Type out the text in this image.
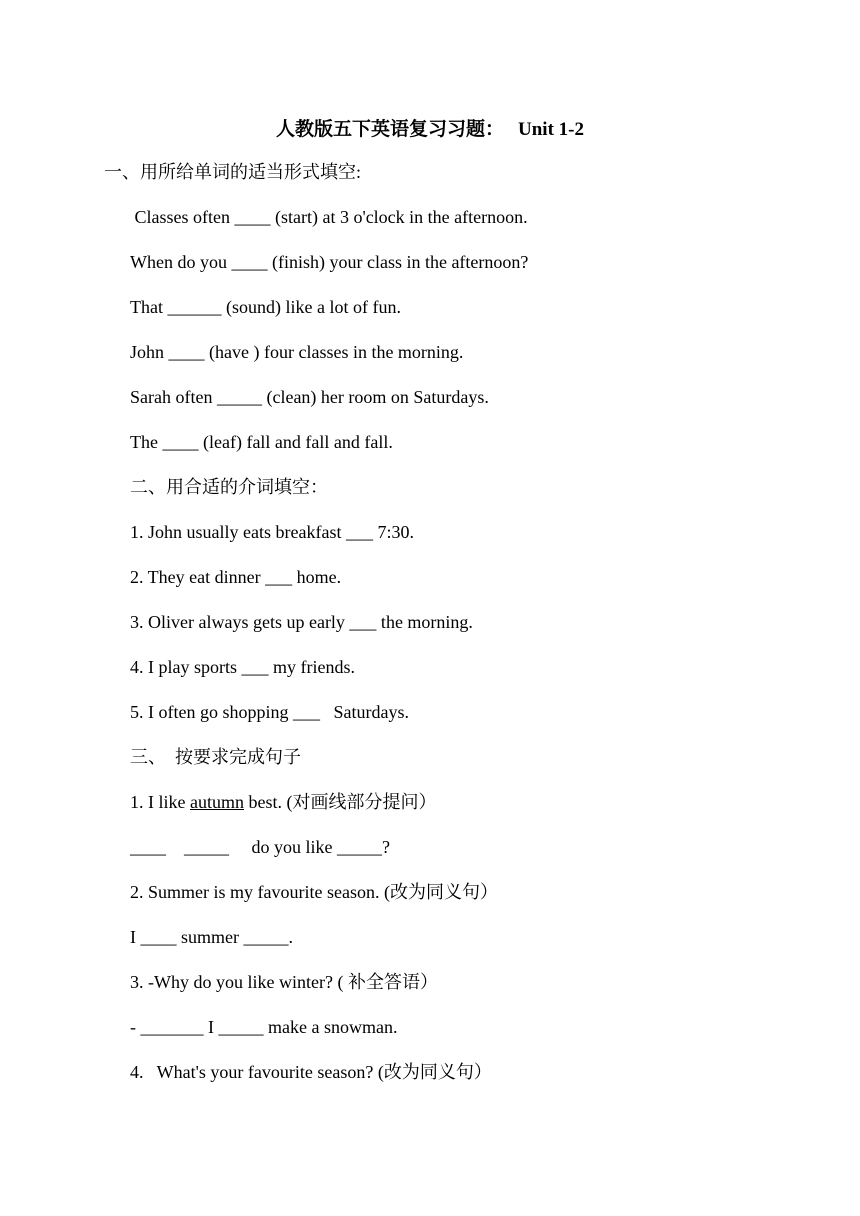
人教版五下英语复习习题： Unit 1-2
一、用所给单词的适当形式填空:
Classes often ____ (start) at 3 o'clock in the afternoon.
When do you ____ (finish) your class in the afternoon?
That ______ (sound) like a lot of fun.
John ____ (have ) four classes in the morning.
Sarah often _____ (clean) her room on Saturdays.
The ____ (leaf) fall and fall and fall.
二、用合适的介词填空：
1. John usually eats breakfast ___ 7:30.
2. They eat dinner ___ home.
3. Oliver always gets up early ___ the morning.
4. I play sports ___ my friends.
5. I often go shopping ___   Saturdays.
三、  按要求完成句子
1. I like autumn best. (对画线部分提问）
____    _____     do you like _____?
2. Summer is my favourite season. (改为同义句）
I ____ summer _____.
3. -Why do you like winter? ( 补全答语）
- _______ I _____ make a snowman.
4.   What's your favourite season? (改为同义句）
